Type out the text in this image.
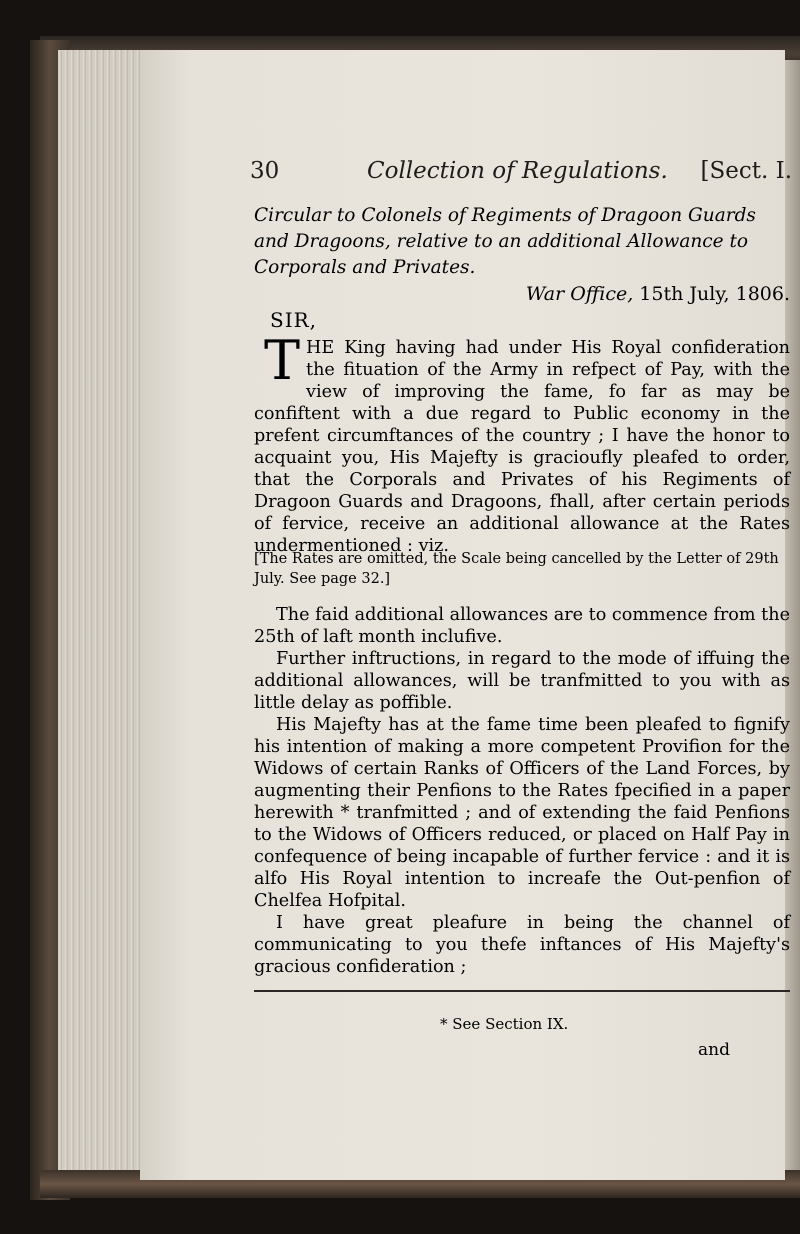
30	Collection of Regulations. [Sect. I.
Circular to Colonels of Regiments of Dragoon Guards and Dragoons, relative to an additional Allowance to Corporals and Privates.
War Office, 15th July, 1806.
SIR,
T HE King having had under His Royal confideration the fituation of the Army in refpect of Pay, with the view of improving the fame, fo far as may be confiftent with a due regard to Public economy in the prefent circumftances of the country ; I have the honor to acquaint you, His Majefty is gracioufly pleafed to order, that the Corporals and Privates of his Regiments of Dragoon Guards and Dragoons, fhall, after certain periods of fervice, receive an additional allowance at the Rates undermentioned : viz.
[The Rates are omitted, the Scale being cancelled by the Letter of 29th July. See page 32.]

The faid additional allowances are to commence from the 25th of laft month inclufive.

Further inftructions, in regard to the mode of iffuing the additional allowances, will be tranfmitted to you with as little delay as poffible.

His Majefty has at the fame time been pleafed to fignify his intention of making a more competent Provifion for the Widows of certain Ranks of Officers of the Land Forces, by augmenting their Penfions to the Rates fpecified in a paper herewith * tranfmitted ; and of extending the faid Penfions to the Widows of Officers reduced, or placed on Half Pay in confequence of being incapable of further fervice : and it is alfo His Royal intention to increafe the Out-penfion of Chelfea Hofpital.

I have great pleafure in being the channel of communicating to you thefe inftances of His Majefty's gracious confideration ;

* See Section IX.
and
